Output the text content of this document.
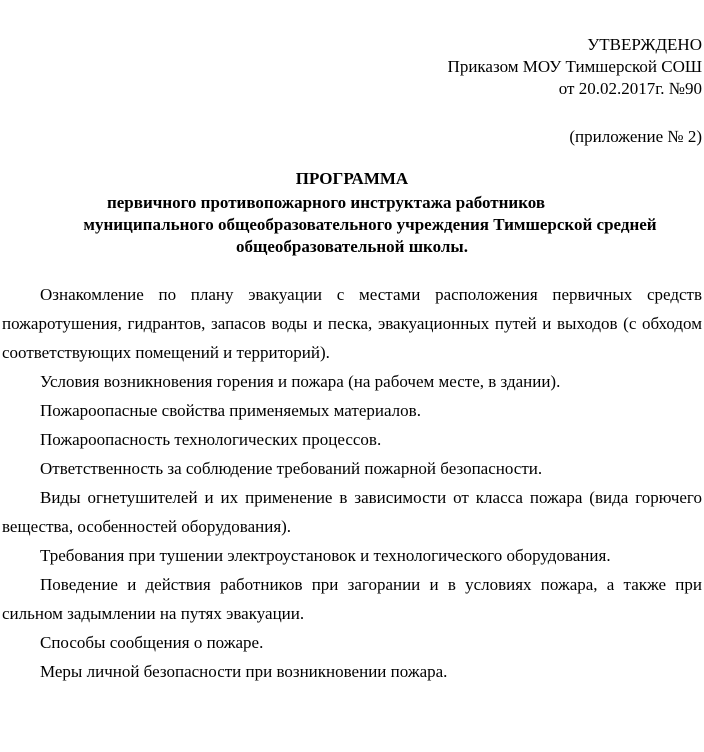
УТВЕРЖДЕНО
Приказом МОУ Тимшерской СОШ
от 20.02.2017г. №90
(приложение № 2)
ПРОГРАММА
первичного противопожарного инструктажа работников
муниципального общеобразовательного учреждения Тимшерской средней
общеобразовательной школы.

Ознакомление по плану эвакуации с местами расположения первичных средств пожаротушения, гидрантов, запасов воды и песка, эвакуационных путей и выходов (с обходом соответствующих помещений и территорий).

Условия возникновения горения и пожара (на рабочем месте, в здании).

Пожароопасные свойства применяемых материалов.

Пожароопасность технологических процессов.

Ответственность за соблюдение требований пожарной безопасности.

Виды огнетушителей и их применение в зависимости от класса пожара (вида горючего вещества, особенностей оборудования).

Требования при тушении электроустановок и технологического оборудования.

Поведение и действия работников при загорании и в условиях пожара, а также при сильном задымлении на путях эвакуации.

Способы сообщения о пожаре.

Меры личной безопасности при возникновении пожара.
